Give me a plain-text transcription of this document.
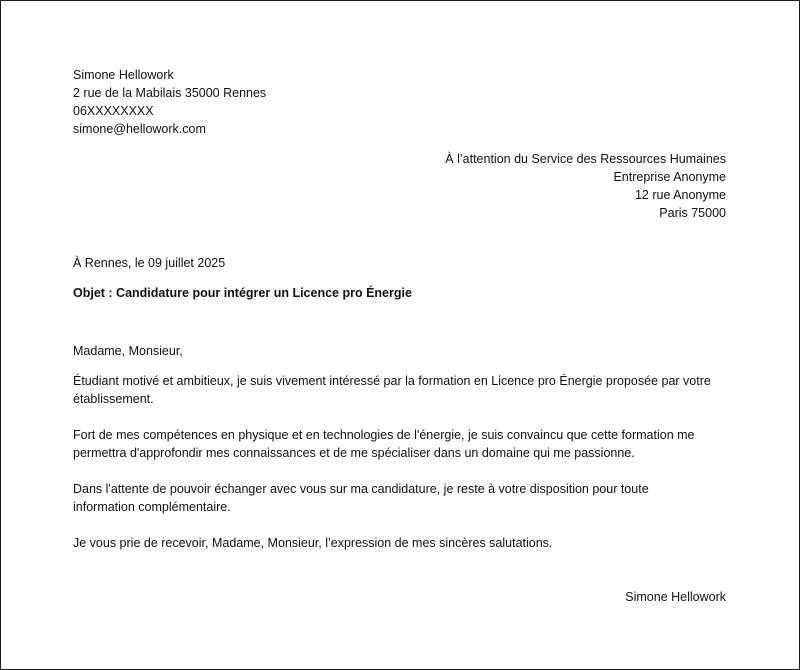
Simone Hellowork
2 rue de la Mabilais 35000 Rennes
06XXXXXXXX
simone@hellowork.com
À l’attention du Service des Ressources Humaines
Entreprise Anonyme
12 rue Anonyme
Paris 75000
À Rennes, le 09 juillet 2025
Objet : Candidature pour intégrer un Licence pro Énergie
Madame, Monsieur,
Étudiant motivé et ambitieux, je suis vivement intéressé par la formation en Licence pro Énergie proposée par votre
établissement.
Fort de mes compétences en physique et en technologies de l'énergie, je suis convaincu que cette formation me
permettra d'approfondir mes connaissances et de me spécialiser dans un domaine qui me passionne.
Dans l'attente de pouvoir échanger avec vous sur ma candidature, je reste à votre disposition pour toute
information complémentaire.
Je vous prie de recevoir, Madame, Monsieur, l’expression de mes sincères salutations.
Simone Hellowork
